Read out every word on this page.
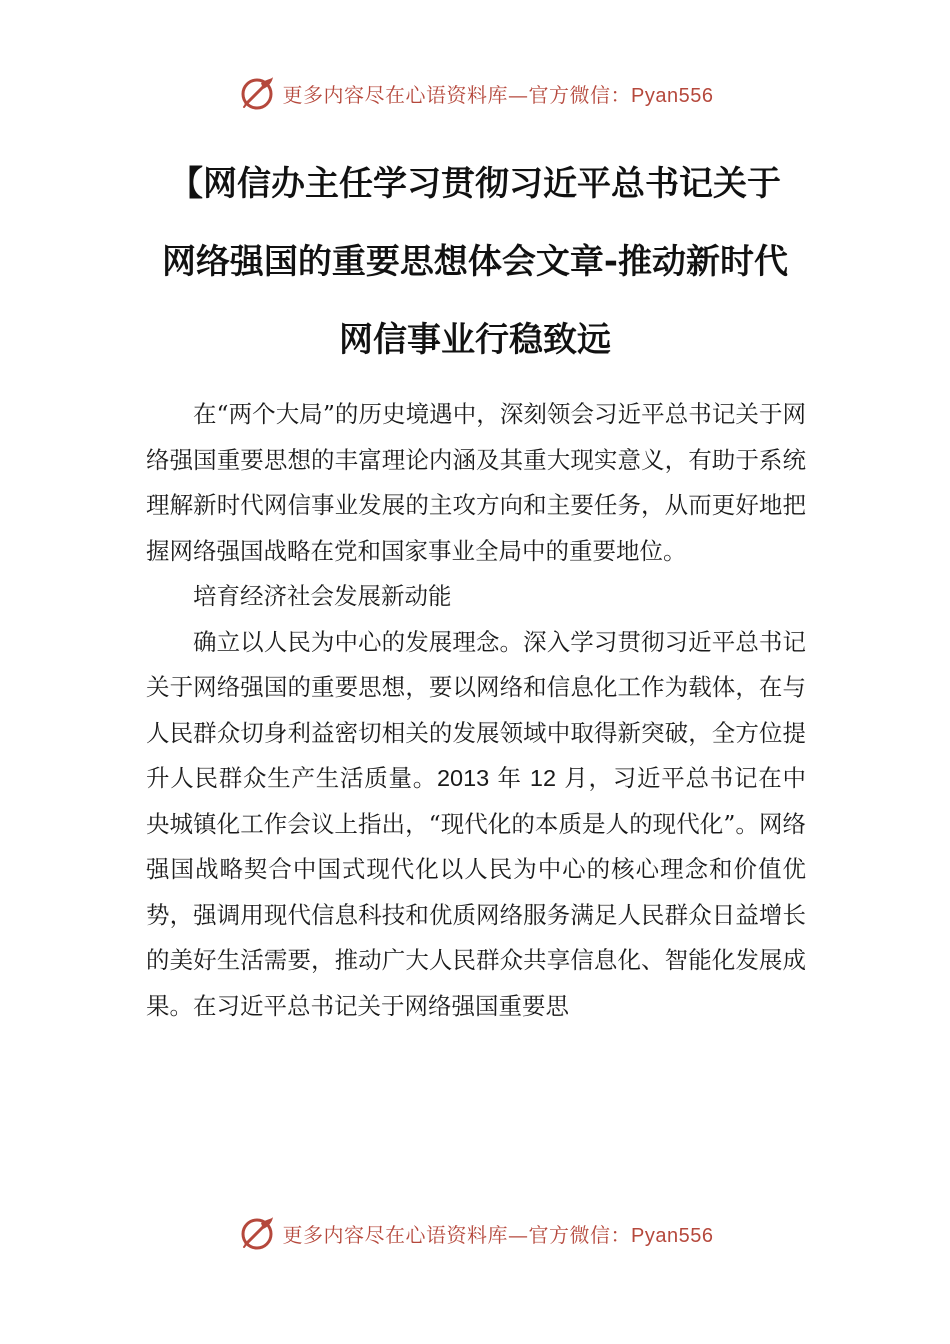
更多内容尽在心语资料库—官方微信：Pyan556
【网信办主任学习贯彻习近平总书记关于
网络强国的重要思想体会文章-推动新时代
网信事业行稳致远

在“两个大局”的历史境遇中，深刻领会习近平总书记关于网络强国重要思想的丰富理论内涵及其重大现实意义，有助于系统理解新时代网信事业发展的主攻方向和主要任务，从而更好地把握网络强国战略在党和国家事业全局中的重要地位。

培育经济社会发展新动能

确立以人民为中心的发展理念。深入学习贯彻习近平总书记关于网络强国的重要思想，要以网络和信息化工作为载体，在与人民群众切身利益密切相关的发展领域中取得新突破，全方位提升人民群众生产生活质量。2013 年 12 月，习近平总书记在中央城镇化工作会议上指出，“现代化的本质是人的现代化”。网络强国战略契合中国式现代化以人民为中心的核心理念和价值优势，强调用现代信息科技和优质网络服务满足人民群众日益增长的美好生活需要，推动广大人民群众共享信息化、智能化发展成果。在习近平总书记关于网络强国重要思

更多内容尽在心语资料库—官方微信：Pyan556
